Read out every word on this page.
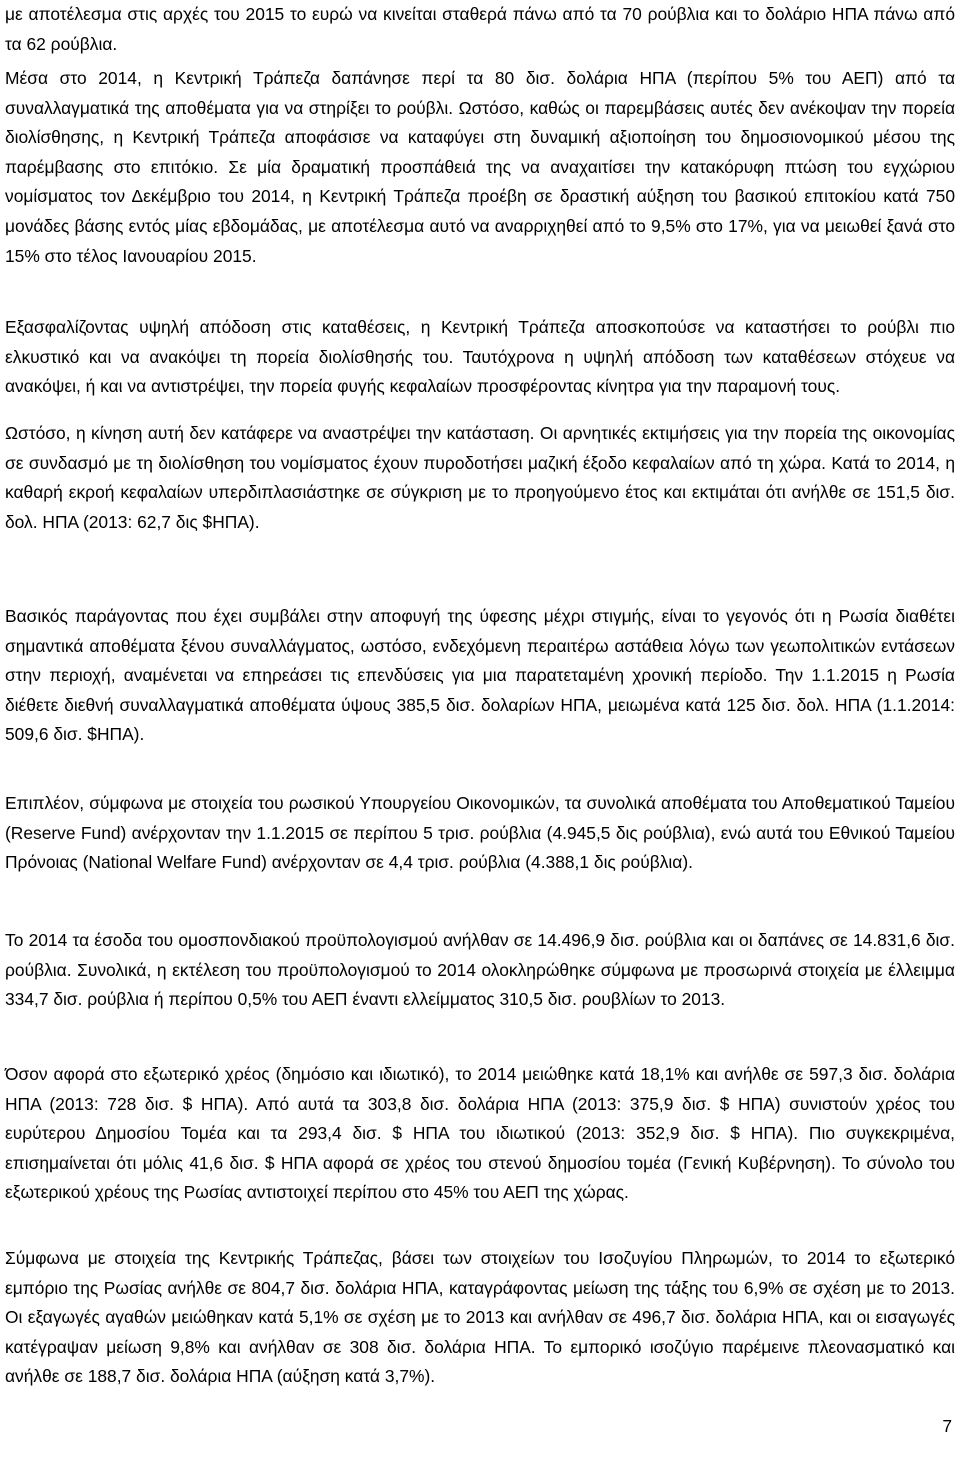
με αποτέλεσμα στις αρχές του 2015 το ευρώ να κινείται σταθερά πάνω από τα 70 ρούβλια και το δολάριο ΗΠΑ πάνω από τα 62 ρούβλια.

Μέσα στο 2014, η Κεντρική Τράπεζα δαπάνησε περί τα 80 δισ. δολάρια ΗΠΑ (περίπου 5% του ΑΕΠ) από τα συναλλαγματικά της αποθέματα για να στηρίξει το ρούβλι. Ωστόσο, καθώς οι παρεμβάσεις αυτές δεν ανέκοψαν την πορεία διολίσθησης, η Κεντρική Τράπεζα αποφάσισε να καταφύγει στη δυναμική αξιοποίηση του δημοσιονομικού μέσου της παρέμβασης στο επιτόκιο. Σε μία δραματική προσπάθειά της να αναχαιτίσει την κατακόρυφη πτώση του εγχώριου νομίσματος τον Δεκέμβριο του 2014, η Κεντρική Τράπεζα προέβη σε δραστική αύξηση του βασικού επιτοκίου κατά 750 μονάδες βάσης εντός μίας εβδομάδας, με αποτέλεσμα αυτό να αναρριχηθεί από το 9,5% στο 17%, για να μειωθεί ξανά στο 15% στο τέλος Ιανουαρίου 2015.

Εξασφαλίζοντας υψηλή απόδοση στις καταθέσεις, η Κεντρική Τράπεζα αποσκοπούσε να καταστήσει το ρούβλι πιο ελκυστικό και να ανακόψει τη πορεία διολίσθησής του. Ταυτόχρονα η υψηλή απόδοση των καταθέσεων στόχευε να ανακόψει, ή και να αντιστρέψει, την πορεία φυγής κεφαλαίων προσφέροντας κίνητρα για την παραμονή τους.

Ωστόσο, η κίνηση αυτή δεν κατάφερε να αναστρέψει την κατάσταση. Οι αρνητικές εκτιμήσεις για την πορεία της οικονομίας σε συνδασμό με τη διολίσθηση του νομίσματος έχουν πυροδοτήσει μαζική έξοδο κεφαλαίων από τη χώρα. Κατά το 2014, η καθαρή εκροή κεφαλαίων υπερδιπλασιάστηκε σε σύγκριση με το προηγούμενο έτος και εκτιμάται ότι ανήλθε σε 151,5 δισ. δολ. ΗΠΑ (2013: 62,7 δις $ΗΠΑ).

Βασικός παράγοντας που έχει συμβάλει στην αποφυγή της ύφεσης μέχρι στιγμής, είναι το γεγονός ότι η Ρωσία διαθέτει σημαντικά αποθέματα ξένου συναλλάγματος, ωστόσο, ενδεχόμενη περαιτέρω αστάθεια λόγω των γεωπολιτικών εντάσεων στην περιοχή, αναμένεται να επηρεάσει τις επενδύσεις για μια παρατεταμένη χρονική περίοδο. Την 1.1.2015 η Ρωσία διέθετε διεθνή συναλλαγματικά αποθέματα ύψους 385,5 δισ. δολαρίων ΗΠΑ, μειωμένα κατά 125 δισ. δολ. ΗΠΑ (1.1.2014: 509,6 δισ. $ΗΠΑ).

Επιπλέον, σύμφωνα με στοιχεία του ρωσικού Υπουργείου Οικονομικών, τα συνολικά αποθέματα του Αποθεματικού Ταμείου (Reserve Fund) ανέρχονταν την 1.1.2015 σε περίπου 5 τρισ. ρούβλια (4.945,5 δις ρούβλια), ενώ αυτά του Εθνικού Ταμείου Πρόνοιας (National Welfare Fund) ανέρχονταν σε 4,4 τρισ. ρούβλια (4.388,1 δις ρούβλια).

Το 2014 τα έσοδα του ομοσπονδιακού προϋπολογισμού ανήλθαν σε 14.496,9 δισ. ρούβλια και οι δαπάνες σε 14.831,6 δισ. ρούβλια. Συνολικά, η εκτέλεση του προϋπολογισμού το 2014 ολοκληρώθηκε σύμφωνα με προσωρινά στοιχεία με έλλειμμα 334,7 δισ. ρούβλια ή περίπου 0,5% του ΑΕΠ έναντι ελλείμματος 310,5 δισ. ρουβλίων το 2013.

Όσον αφορά στο εξωτερικό χρέος (δημόσιο και ιδιωτικό), το 2014 μειώθηκε κατά 18,1% και ανήλθε σε 597,3 δισ. δολάρια ΗΠΑ (2013: 728 δισ. $ ΗΠΑ). Από αυτά τα 303,8 δισ. δολάρια ΗΠΑ (2013: 375,9 δισ. $ ΗΠΑ) συνιστούν χρέος του ευρύτερου Δημοσίου Τομέα και τα 293,4 δισ. $ ΗΠΑ του ιδιωτικού (2013: 352,9 δισ. $ ΗΠΑ). Πιο συγκεκριμένα, επισημαίνεται ότι μόλις 41,6 δισ. $ ΗΠΑ αφορά σε χρέος του στενού δημοσίου τομέα (Γενική Κυβέρνηση). Το σύνολο του εξωτερικού χρέους της Ρωσίας αντιστοιχεί περίπου στο 45% του ΑΕΠ της χώρας.

Σύμφωνα με στοιχεία της Κεντρικής Τράπεζας, βάσει των στοιχείων του Ισοζυγίου Πληρωμών, το 2014 το εξωτερικό εμπόριο της Ρωσίας ανήλθε σε 804,7 δισ. δολάρια ΗΠΑ, καταγράφοντας μείωση της τάξης του 6,9% σε σχέση με το 2013. Οι εξαγωγές αγαθών μειώθηκαν κατά 5,1% σε σχέση με το 2013 και ανήλθαν σε 496,7 δισ. δολάρια ΗΠΑ, και οι εισαγωγές κατέγραψαν μείωση 9,8% και ανήλθαν σε 308 δισ. δολάρια ΗΠΑ. Το εμπορικό ισοζύγιο παρέμεινε πλεονασματικό και ανήλθε σε 188,7 δισ. δολάρια ΗΠΑ (αύξηση κατά 3,7%).

7
